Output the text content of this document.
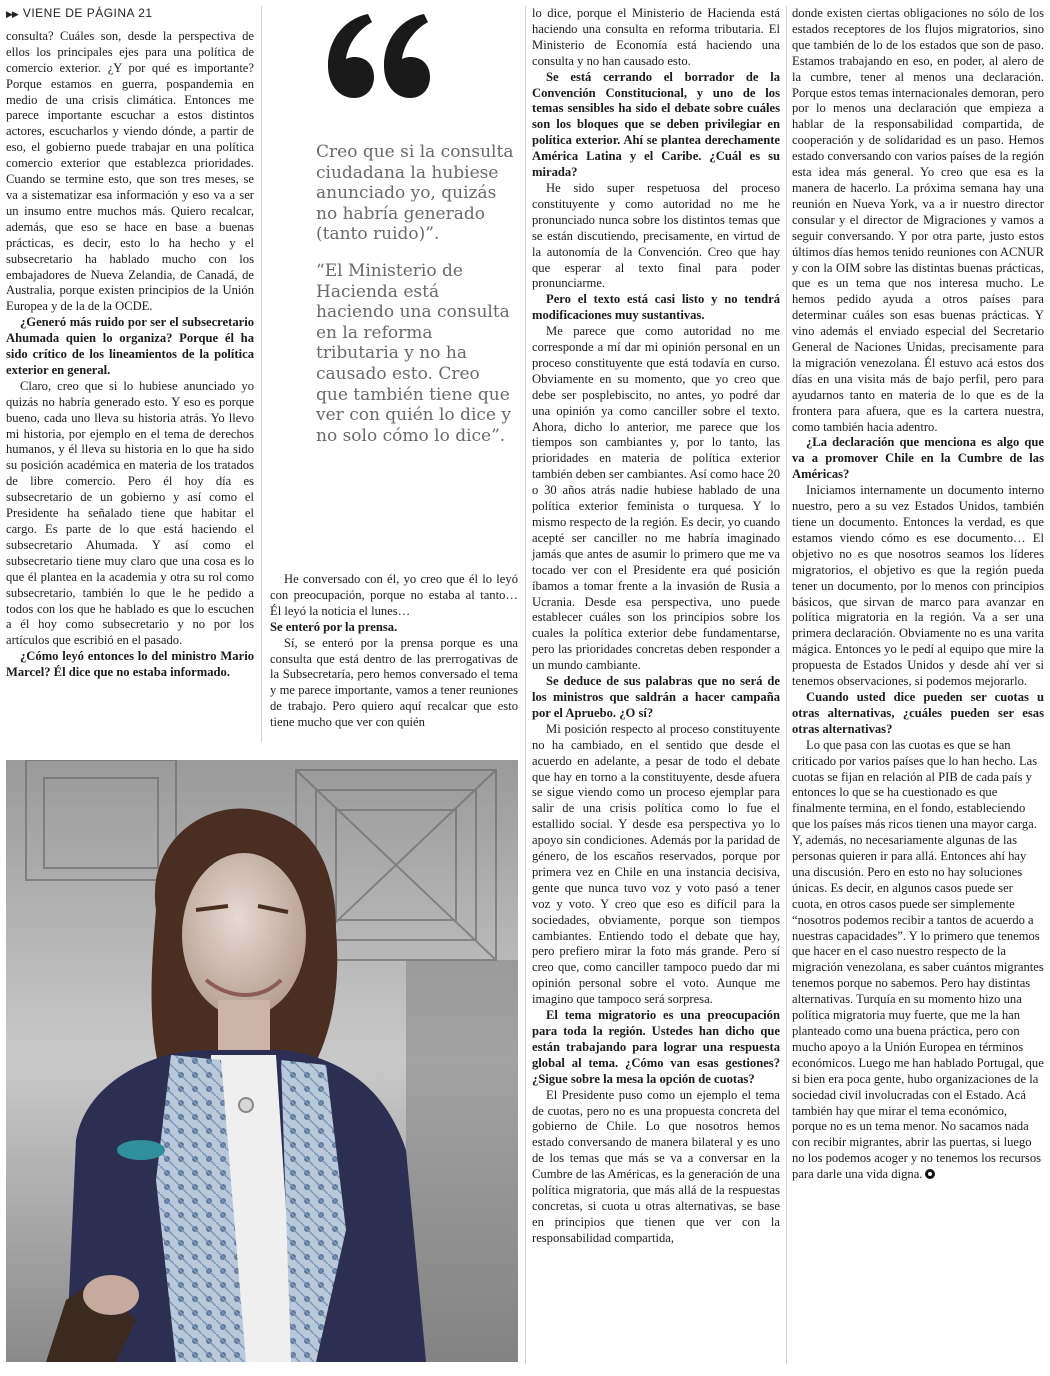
▶▶ VIENE DE PÁGINA 21

consulta? Cuáles son, desde la perspectiva de ellos los principales ejes para una política de comercio exterior. ¿Y por qué es importante? Porque estamos en guerra, pospandemia en medio de una crisis climática. Entonces me parece importante escuchar a estos distintos actores, escucharlos y viendo dónde, a partir de eso, el gobierno puede trabajar en una política comercio exterior que establezca prioridades. Cuando se termine esto, que son tres meses, se va a sistematizar esa información y eso va a ser un insumo entre muchos más. Quiero recalcar, además, que eso se hace en base a buenas prácticas, es decir, esto lo ha hecho y el subsecretario ha hablado mucho con los embajadores de Nueva Zelandia, de Canadá, de Australia, porque existen principios de la Unión Europea y de la de la OCDE.

¿Generó más ruido por ser el subsecretario Ahumada quien lo organiza? Porque él ha sido crítico de los lineamientos de la política exterior en general.

Claro, creo que si lo hubiese anunciado yo quizás no habría generado esto. Y eso es porque bueno, cada uno lleva su historia atrás. Yo llevo mi historia, por ejemplo en el tema de derechos humanos, y él lleva su historia en lo que ha sido su posición académica en materia de los tratados de libre comercio. Pero él hoy día es subsecretario de un gobierno y así como el Presidente ha señalado tiene que habitar el cargo. Es parte de lo que está haciendo el subsecretario Ahumada. Y así como el subsecretario tiene muy claro que una cosa es lo que él plantea en la academia y otra su rol como subsecretario, también lo que le he pedido a todos con los que he hablado es que lo escuchen a él hoy como subsecretario y no por los artículos que escribió en el pasado.

¿Cómo leyó entonces lo del ministro Mario Marcel? Él dice que no estaba informado.

Creo que si la consulta ciudadana la hubiese anunciado yo, quizás no habría generado (tanto ruido)”.

“El Ministerio de Hacienda está haciendo una consulta en la reforma tributaria y no ha causado esto. Creo que también tiene que ver con quién lo dice y no solo cómo lo dice”.

He conversado con él, yo creo que él lo leyó con preocupación, porque no estaba al tanto… Él leyó la noticia el lunes…

Se enteró por la prensa.

Sí, se enteró por la prensa porque es una consulta que está dentro de las prerrogativas de la Subsecretaría, pero hemos conversado el tema y me parece importante, vamos a tener reuniones de trabajo. Pero quiero aquí recalcar que esto tiene mucho que ver con quién

lo dice, porque el Ministerio de Hacienda está haciendo una consulta en reforma tributaria. El Ministerio de Economía está haciendo una consulta y no han causado esto.

Se está cerrando el borrador de la Convención Constitucional, y uno de los temas sensibles ha sido el debate sobre cuáles son los bloques que se deben privilegiar en política exterior. Ahí se plantea derechamente América Latina y el Caribe. ¿Cuál es su mirada?

He sido super respetuosa del proceso constituyente y como autoridad no me he pronunciado nunca sobre los distintos temas que se están discutiendo, precisamente, en virtud de la autonomía de la Convención. Creo que hay que esperar al texto final para poder pronunciarme.

Pero el texto está casi listo y no tendrá modificaciones muy sustantivas.

Me parece que como autoridad no me corresponde a mí dar mi opinión personal en un proceso constituyente que está todavía en curso. Obviamente en su momento, que yo creo que debe ser posplebiscito, no antes, yo podré dar una opinión ya como canciller sobre el texto. Ahora, dicho lo anterior, me parece que los tiempos son cambiantes y, por lo tanto, las prioridades en materia de política exterior también deben ser cambiantes. Así como hace 20 o 30 años atrás nadie hubiese hablado de una política exterior feminista o turquesa. Y lo mismo respecto de la región. Es decir, yo cuando acepté ser canciller no me habría imaginado jamás que antes de asumir lo primero que me va tocado ver con el Presidente era qué posición íbamos a tomar frente a la invasión de Rusia a Ucrania. Desde esa perspectiva, uno puede establecer cuáles son los principios sobre los cuales la política exterior debe fundamentarse, pero las prioridades concretas deben responder a un mundo cambiante.

Se deduce de sus palabras que no será de los ministros que saldrán a hacer campaña por el Apruebo. ¿O sí?

Mi posición respecto al proceso constituyente no ha cambiado, en el sentido que desde el acuerdo en adelante, a pesar de todo el debate que hay en torno a la constituyente, desde afuera se sigue viendo como un proceso ejemplar para salir de una crisis política como lo fue el estallido social. Y desde esa perspectiva yo lo apoyo sin condiciones. Además por la paridad de género, de los escaños reservados, porque por primera vez en Chile en una instancia decisiva, gente que nunca tuvo voz y voto pasó a tener voz y voto. Y creo que eso es difícil para la sociedades, obviamente, porque son tiempos cambiantes. Entiendo todo el debate que hay, pero prefiero mirar la foto más grande. Pero sí creo que, como canciller tampoco puedo dar mi opinión personal sobre el voto. Aunque me imagino que tampoco será sorpresa.

El tema migratorio es una preocupación para toda la región. Ustedes han dicho que están trabajando para lograr una respuesta global al tema. ¿Cómo van esas gestiones? ¿Sigue sobre la mesa la opción de cuotas?

El Presidente puso como un ejemplo el tema de cuotas, pero no es una propuesta concreta del gobierno de Chile. Lo que nosotros hemos estado conversando de manera bilateral y es uno de los temas que más se va a conversar en la Cumbre de las Américas, es la generación de una política migratoria, que más allá de la respuestas concretas, si cuota u otras alternativas, se base en principios que tienen que ver con la responsabilidad compartida,

donde existen ciertas obligaciones no sólo de los estados receptores de los flujos migratorios, sino que también de lo de los estados que son de paso. Estamos trabajando en eso, en poder, al alero de la cumbre, tener al menos una declaración. Porque estos temas internacionales demoran, pero por lo menos una declaración que empieza a hablar de la responsabilidad compartida, de cooperación y de solidaridad es un paso. Hemos estado conversando con varios países de la región esta idea más general. Yo creo que esa es la manera de hacerlo. La próxima semana hay una reunión en Nueva York, va a ir nuestro director consular y el director de Migraciones y vamos a seguir conversando. Y por otra parte, justo estos últimos días hemos tenido reuniones con ACNUR y con la OIM sobre las distintas buenas prácticas, que es un tema que nos interesa mucho. Le hemos pedido ayuda a otros países para determinar cuáles son esas buenas prácticas. Y vino además el enviado especial del Secretario General de Naciones Unidas, precisamente para la migración venezolana. Él estuvo acá estos dos días en una visita más de bajo perfil, pero para ayudarnos tanto en materia de lo que es de la frontera para afuera, que es la cartera nuestra, como también hacia adentro.

¿La declaración que menciona es algo que va a promover Chile en la Cumbre de las Américas?

Iniciamos internamente un documento interno nuestro, pero a su vez Estados Unidos, también tiene un documento. Entonces la verdad, es que estamos viendo cómo es ese documento… El objetivo no es que nosotros seamos los líderes migratorios, el objetivo es que la región pueda tener un documento, por lo menos con principios básicos, que sirvan de marco para avanzar en política migratoria en la región. Va a ser una primera declaración. Obviamente no es una varita mágica. Entonces yo le pedí al equipo que mire la propuesta de Estados Unidos y desde ahí ver si tenemos observaciones, si podemos mejorarlo.

Cuando usted dice pueden ser cuotas u otras alternativas, ¿cuáles pueden ser esas otras alternativas?

Lo que pasa con las cuotas es que se han criticado por varios países que lo han hecho. Las cuotas se fijan en relación al PIB de cada país y entonces lo que se ha cuestionado es que finalmente termina, en el fondo, estableciendo que los países más ricos tienen una mayor carga. Y, además, no necesariamente algunas de las personas quieren ir para allá. Entonces ahí hay una discusión. Pero en esto no hay soluciones únicas. Es decir, en algunos casos puede ser cuota, en otros casos puede ser simplemente “nosotros podemos recibir a tantos de acuerdo a nuestras capacidades”. Y lo primero que tenemos que hacer en el caso nuestro respecto de la migración venezolana, es saber cuántos migrantes tenemos porque no sabemos. Pero hay distintas alternativas. Turquía en su momento hizo una política migratoria muy fuerte, que me la han planteado como una buena práctica, pero con mucho apoyo a la Unión Europea en términos económicos. Luego me han hablado Portugal, que si bien era poca gente, hubo organizaciones de la sociedad civil involucradas con el Estado. Acá también hay que mirar el tema económico, porque no es un tema menor. No sacamos nada con recibir migrantes, abrir las puertas, si luego no los podemos acoger y no tenemos los recursos para darle una vida digna.
